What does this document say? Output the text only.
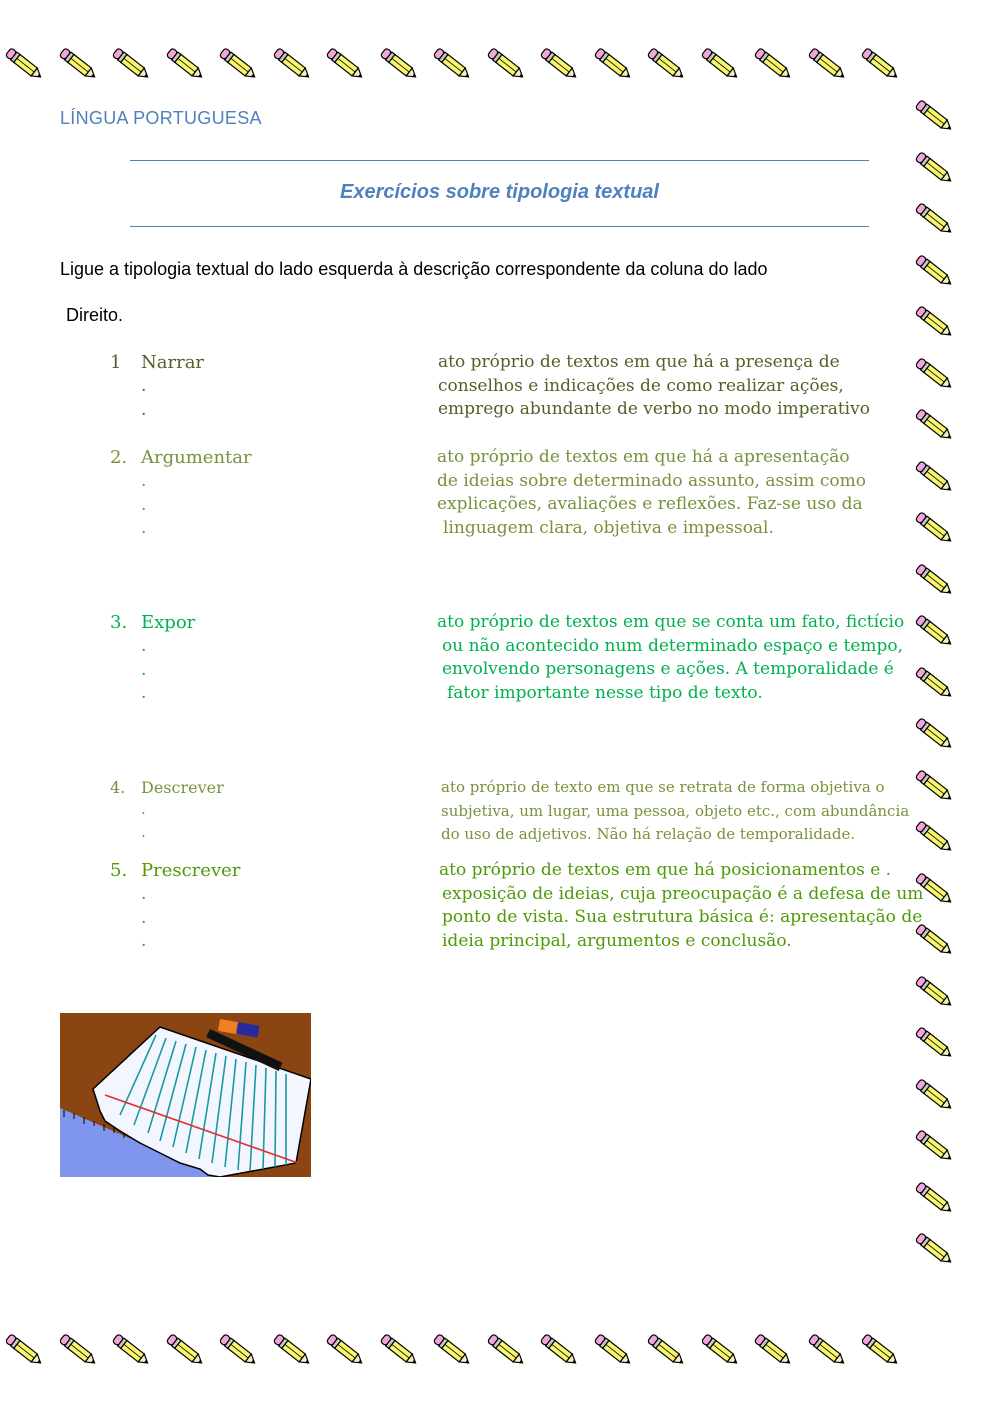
LÍNGUA PORTUGUESA
Exercícios sobre tipologia textual
Ligue a tipologia textual do lado esquerda à descrição correspondente da coluna do lado
Direito.
1 Narrar
.
.
ato próprio de textos em que há a presença de
conselhos e indicações de como realizar ações,
emprego abundante de verbo no modo imperativo
2. Argumentar
.
.
.
ato próprio de textos em que há a apresentação
de ideias sobre determinado assunto, assim como
explicações, avaliações e reflexões. Faz-se uso da
linguagem clara, objetiva e impessoal.
3. Expor
.
.
.
ato próprio de textos em que se conta um fato, fictício
ou não acontecido num determinado espaço e tempo,
envolvendo personagens e ações. A temporalidade é
fator importante nesse tipo de texto.
4. Descrever
.
.
ato próprio de texto em que se retrata de forma objetiva o
subjetiva, um lugar, uma pessoa, objeto etc., com abundância
do uso de adjetivos. Não há relação de temporalidade.
5. Prescrever
.
.
.
ato próprio de textos em que há posicionamentos e .
exposição de ideias, cuja preocupação é a defesa de um
ponto de vista. Sua estrutura básica é: apresentação de
ideia principal, argumentos e conclusão.
